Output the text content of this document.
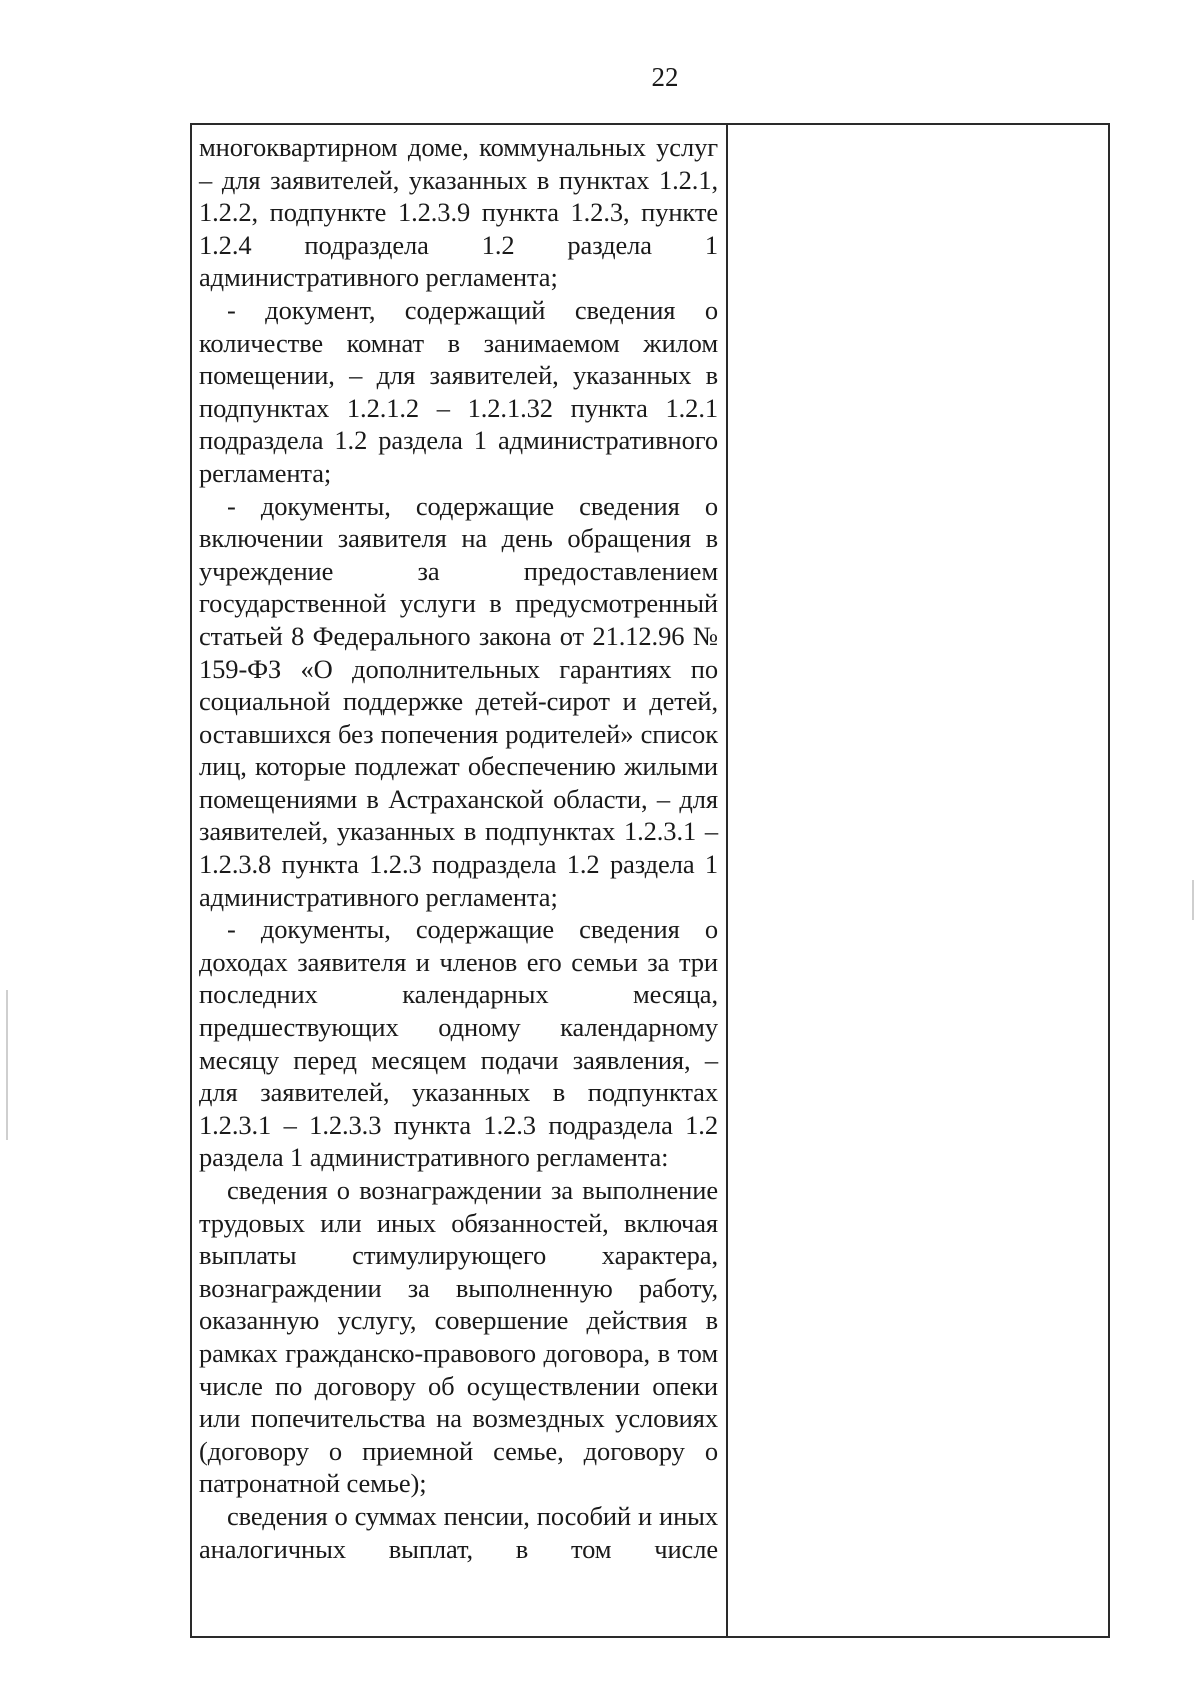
22

многоквартирном доме, коммунальных услуг – для заявителей, указанных в пунктах 1.2.1, 1.2.2, подпункте 1.2.3.9 пункта 1.2.3, пункте 1.2.4 подраздела 1.2 раздела 1 административного регламента;

- документ, содержащий сведения о количестве комнат в занимаемом жилом помещении, – для заявителей, указанных в подпунктах 1.2.1.2 – 1.2.1.32 пункта 1.2.1 подраздела 1.2 раздела 1 административного регламента;

- документы, содержащие сведения о включении заявителя на день обращения в учреждение за предоставлением государственной услуги в предусмотренный статьей 8 Федерального закона от 21.12.96 № 159-ФЗ «О дополнительных гарантиях по социальной поддержке детей-сирот и детей, оставшихся без попечения родителей» список лиц, которые подлежат обеспечению жилыми помещениями в Астраханской области, – для заявителей, указанных в подпунктах 1.2.3.1 – 1.2.3.8 пункта 1.2.3 подраздела 1.2 раздела 1 административного регламента;

- документы, содержащие сведения о доходах заявителя и членов его семьи за три последних календарных месяца, предшествующих одному календарному месяцу перед месяцем подачи заявления, – для заявителей, указанных в подпунктах 1.2.3.1 – 1.2.3.3 пункта 1.2.3 подраздела 1.2 раздела 1 административного регламента:

сведения о вознаграждении за выполнение трудовых или иных обязанностей, включая выплаты стимулирующего характера, вознаграждении за выполненную работу, оказанную услугу, совершение действия в рамках гражданско-правового договора, в том числе по договору об осуществлении опеки или попечительства на возмездных условиях (договору о приемной семье, договору о патронатной семье);

сведения о суммах пенсии, пособий и иных аналогичных выплат, в том числе
